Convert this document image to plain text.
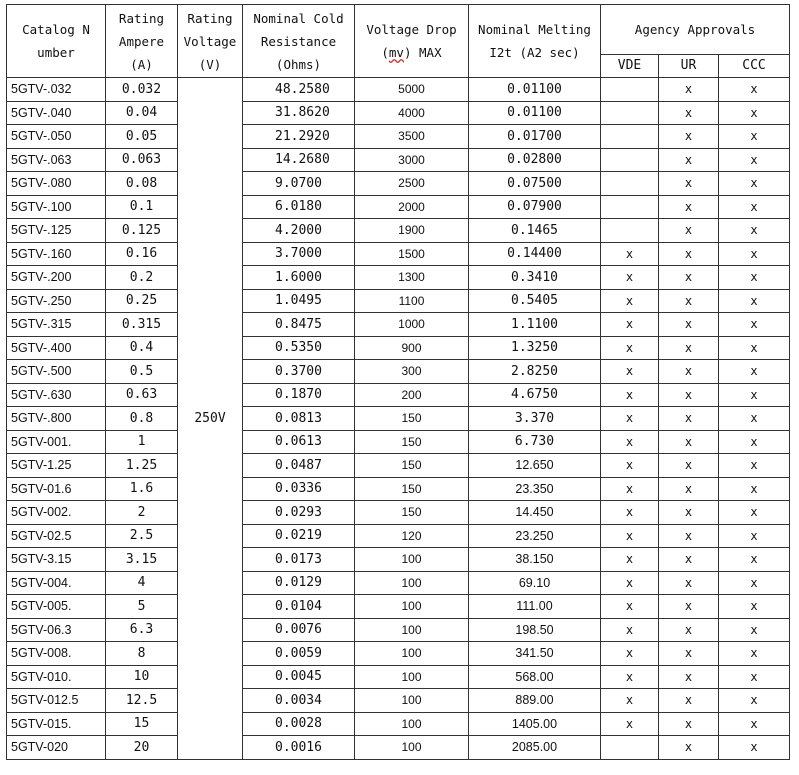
Catalog Number	Rating Ampere (A)	Rating Voltage (V)	Nominal Cold Resistance (Ohms)	Voltage Drop (mv) MAX	Nominal Melting I2t (A2 sec)	Agency Approvals		
						VDE	UR	CCC
5GTV-.032	0.032	250V	48.2580	5000	0.01100		x	x
5GTV-.040	0.04		31.8620	4000	0.01100		x	x
5GTV-.050	0.05		21.2920	3500	0.01700		x	x
5GTV-.063	0.063		14.2680	3000	0.02800		x	x
5GTV-.080	0.08		9.0700	2500	0.07500		x	x
5GTV-.100	0.1		6.0180	2000	0.07900		x	x
5GTV-.125	0.125		4.2000	1900	0.1465		x	x
5GTV-.160	0.16		3.7000	1500	0.14400	x	x	x
5GTV-.200	0.2		1.6000	1300	0.3410	x	x	x
5GTV-.250	0.25		1.0495	1100	0.5405	x	x	x
5GTV-.315	0.315		0.8475	1000	1.1100	x	x	x
5GTV-.400	0.4		0.5350	900	1.3250	x	x	x
5GTV-.500	0.5		0.3700	300	2.8250	x	x	x
5GTV-.630	0.63		0.1870	200	4.6750	x	x	x
5GTV-.800	0.8		0.0813	150	3.370	x	x	x
5GTV-001.	1		0.0613	150	6.730	x	x	x
5GTV-1.25	1.25		0.0487	150	12.650	x	x	x
5GTV-01.6	1.6		0.0336	150	23.350	x	x	x
5GTV-002.	2		0.0293	150	14.450	x	x	x
5GTV-02.5	2.5		0.0219	120	23.250	x	x	x
5GTV-3.15	3.15		0.0173	100	38.150	x	x	x
5GTV-004.	4		0.0129	100	69.10	x	x	x
5GTV-005.	5		0.0104	100	111.00	x	x	x
5GTV-06.3	6.3		0.0076	100	198.50	x	x	x
5GTV-008.	8		0.0059	100	341.50	x	x	x
5GTV-010.	10		0.0045	100	568.00	x	x	x
5GTV-012.5	12.5		0.0034	100	889.00	x	x	x
5GTV-015.	15		0.0028	100	1405.00	x	x	x
5GTV-020	20		0.0016	100	2085.00		x	x
